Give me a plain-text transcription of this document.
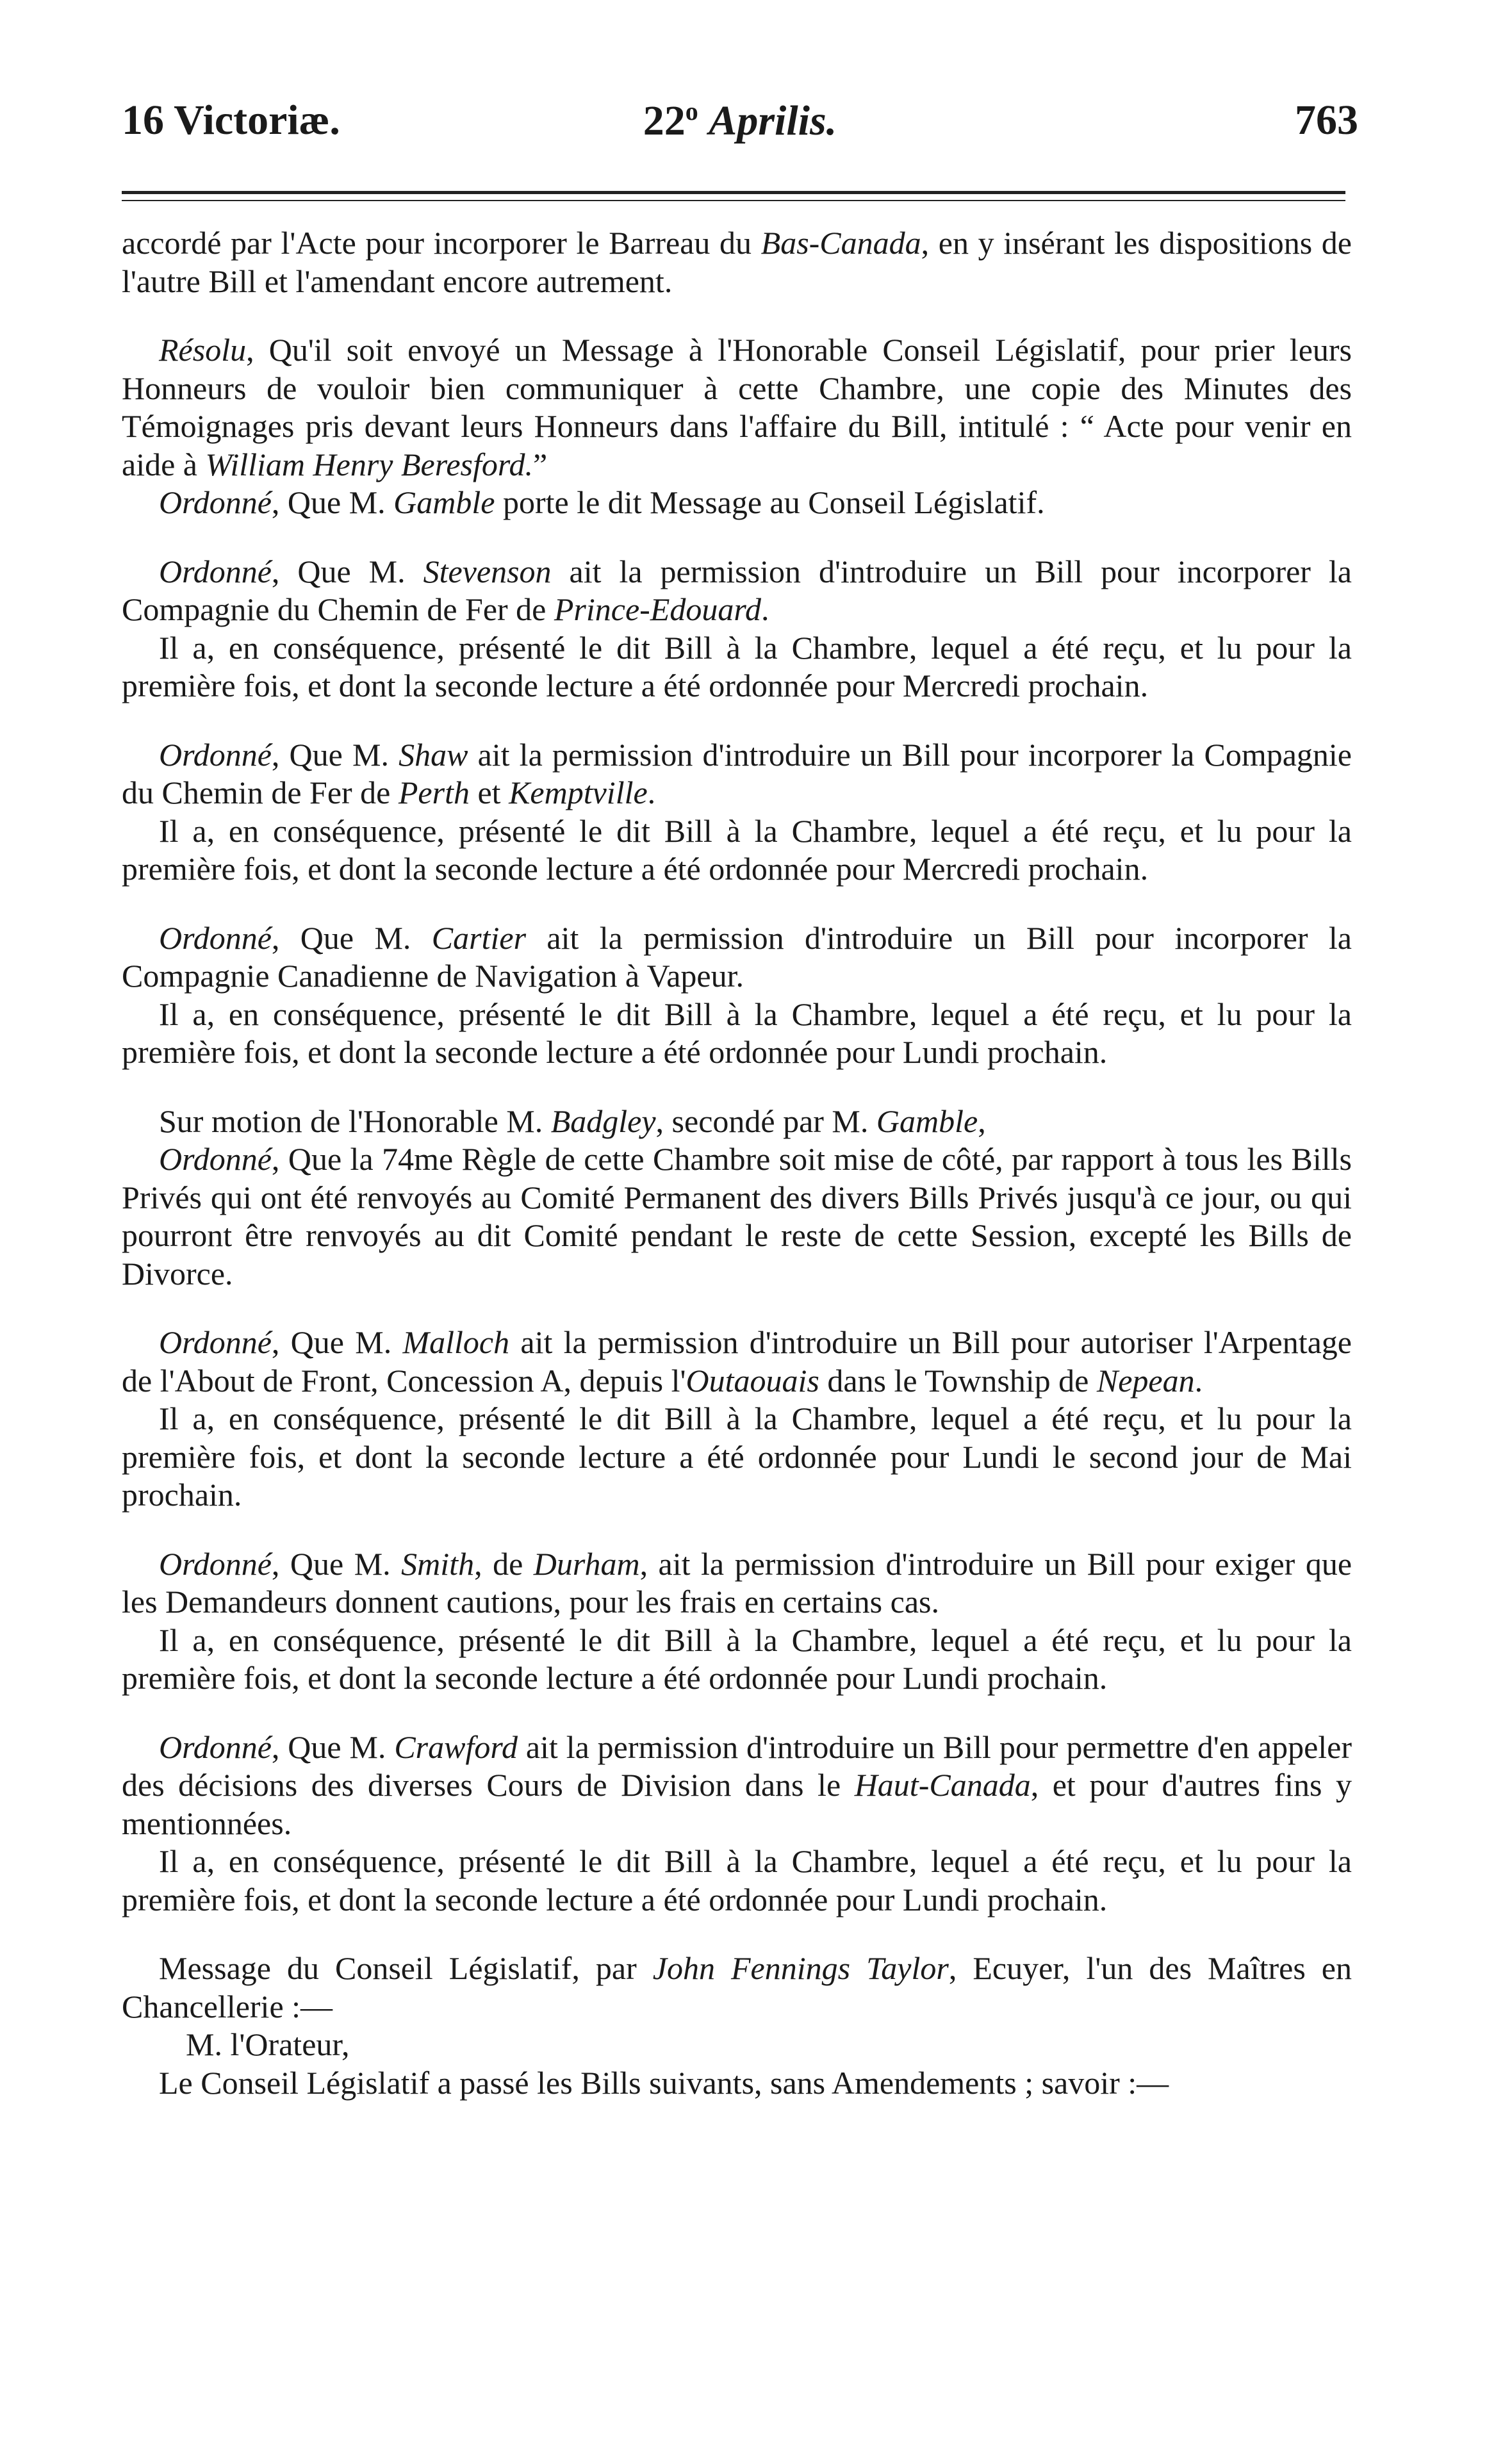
16 Victoriæ.	22$^o$ Aprilis.	763

accordé par l'Acte pour incorporer le Barreau du Bas-Canada, en y insérant les dispositions de l'autre Bill et l'amendant encore autrement.

Résolu, Qu'il soit envoyé un Message à l'Honorable Conseil Législatif, pour prier leurs Honneurs de vouloir bien communiquer à cette Chambre, une copie des Minutes des Témoignages pris devant leurs Honneurs dans l'affaire du Bill, intitulé : “ Acte pour venir en aide à William Henry Beresford.”

Ordonné, Que M. Gamble porte le dit Message au Conseil Législatif.

Ordonné, Que M. Stevenson ait la permission d'introduire un Bill pour incorporer la Compagnie du Chemin de Fer de Prince-Edouard.

Il a, en conséquence, présenté le dit Bill à la Chambre, lequel a été reçu, et lu pour la première fois, et dont la seconde lecture a été ordonnée pour Mercredi prochain.

Ordonné, Que M. Shaw ait la permission d'introduire un Bill pour incorporer la Compagnie du Chemin de Fer de Perth et Kemptville.

Il a, en conséquence, présenté le dit Bill à la Chambre, lequel a été reçu, et lu pour la première fois, et dont la seconde lecture a été ordonnée pour Mercredi prochain.

Ordonné, Que M. Cartier ait la permission d'introduire un Bill pour incorporer la Compagnie Canadienne de Navigation à Vapeur.

Il a, en conséquence, présenté le dit Bill à la Chambre, lequel a été reçu, et lu pour la première fois, et dont la seconde lecture a été ordonnée pour Lundi prochain.

Sur motion de l'Honorable M. Badgley, secondé par M. Gamble,

Ordonné, Que la 74me Règle de cette Chambre soit mise de côté, par rapport à tous les Bills Privés qui ont été renvoyés au Comité Permanent des divers Bills Privés jusqu'à ce jour, ou qui pourront être renvoyés au dit Comité pendant le reste de cette Session, excepté les Bills de Divorce.

Ordonné, Que M. Malloch ait la permission d'introduire un Bill pour autoriser l'Arpentage de l'About de Front, Concession A, depuis l'Outaouais dans le Township de Nepean.

Il a, en conséquence, présenté le dit Bill à la Chambre, lequel a été reçu, et lu pour la première fois, et dont la seconde lecture a été ordonnée pour Lundi le second jour de Mai prochain.

Ordonné, Que M. Smith, de Durham, ait la permission d'introduire un Bill pour exiger que les Demandeurs donnent cautions, pour les frais en certains cas.

Il a, en conséquence, présenté le dit Bill à la Chambre, lequel a été reçu, et lu pour la première fois, et dont la seconde lecture a été ordonnée pour Lundi prochain.

Ordonné, Que M. Crawford ait la permission d'introduire un Bill pour permettre d'en appeler des décisions des diverses Cours de Division dans le Haut-Canada, et pour d'autres fins y mentionnées.

Il a, en conséquence, présenté le dit Bill à la Chambre, lequel a été reçu, et lu pour la première fois, et dont la seconde lecture a été ordonnée pour Lundi prochain.

Message du Conseil Législatif, par John Fennings Taylor, Ecuyer, l'un des Maîtres en Chancellerie :—

M. l'Orateur,

Le Conseil Législatif a passé les Bills suivants, sans Amendements ; savoir :—
